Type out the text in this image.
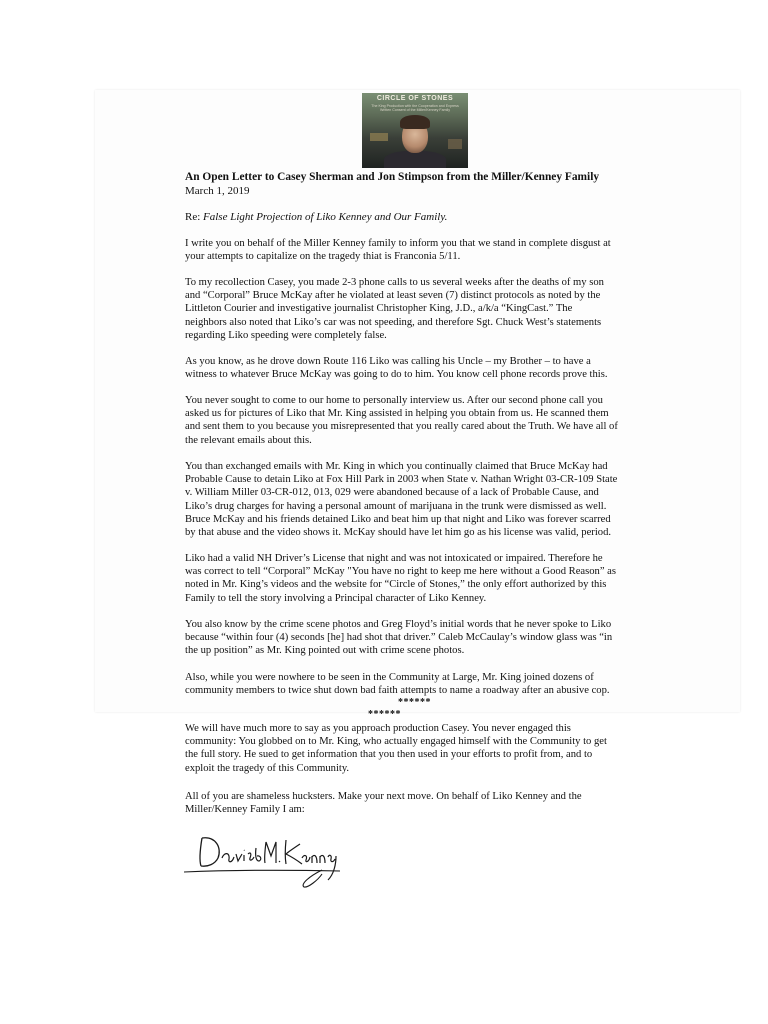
CIRCLE OF STONES
The King Production with the Cooperation and Express Written Consent of the Miller/Kenney Family
An Open Letter to Casey Sherman and Jon Stimpson from the Miller/Kenney Family
March 1, 2019
Re: False Light Projection of Liko Kenney and Our Family.
I write you on behalf of the Miller Kenney family to inform you that we stand in complete disgust at
your attempts to capitalize on the tragedy thiat is Franconia 5/11.
To my recollection Casey, you made 2-3 phone calls to us several weeks after the deaths of my son
and “Corporal” Bruce McKay after he violated at least seven (7) distinct protocols as noted by the
Littleton Courier and investigative journalist Christopher King, J.D., a/k/a “KingCast.” The
neighbors also noted that Liko’s car was not speeding, and therefore Sgt. Chuck West’s statements
regarding Liko speeding were completely false.
As you know, as he drove down Route 116 Liko was calling his Uncle – my Brother – to have a
witness to whatever Bruce McKay was going to do to him. You know cell phone records prove this.
You never sought to come to our home to personally interview us. After our second phone call you
asked us for pictures of Liko that Mr. King assisted in helping you obtain from us. He scanned them
and sent them to you because you misrepresented that you really cared about the Truth. We have all of
the relevant emails about this.
You than exchanged emails with Mr. King in which you continually claimed that Bruce McKay had
Probable Cause to detain Liko at Fox Hill Park in 2003 when State v. Nathan Wright 03-CR-109 State
v. William Miller 03-CR-012, 013, 029 were abandoned because of a lack of Probable Cause, and
Liko’s drug charges for having a personal amount of marijuana in the trunk were dismissed as well.
Bruce McKay and his friends detained Liko and beat him up that night and Liko was forever scarred
by that abuse and the video shows it. McKay should have let him go as his license was valid, period.
Liko had a valid NH Driver’s License that night and was not intoxicated or impaired. Therefore he
was correct to tell “Corporal” McKay "You have no right to keep me here without a Good Reason” as
noted in Mr. King’s videos and the website for “Circle of Stones,” the only effort authorized by this
Family to tell the story involving a Principal character of Liko Kenney.
You also know by the crime scene photos and Greg Floyd’s initial words that he never spoke to Liko
because “within four (4) seconds [he] had shot that driver.” Caleb McCaulay’s window glass was “in
the up position” as Mr. King pointed out with crime scene photos.
Also, while you were nowhere to be seen in the Community at Large, Mr. King joined dozens of
community members to twice shut down bad faith attempts to name a roadway after an abusive cop.
******
******
We will have much more to say as you approach production Casey. You never engaged this
community: You globbed on to Mr. King, who actually engaged himself with the Community to get
the full story. He sued to get information that you then used in your efforts to profit from, and to
exploit the tragedy of this Community.
All of you are shameless hucksters. Make your next move. On behalf of Liko Kenney and the
Miller/Kenney Family I am:
